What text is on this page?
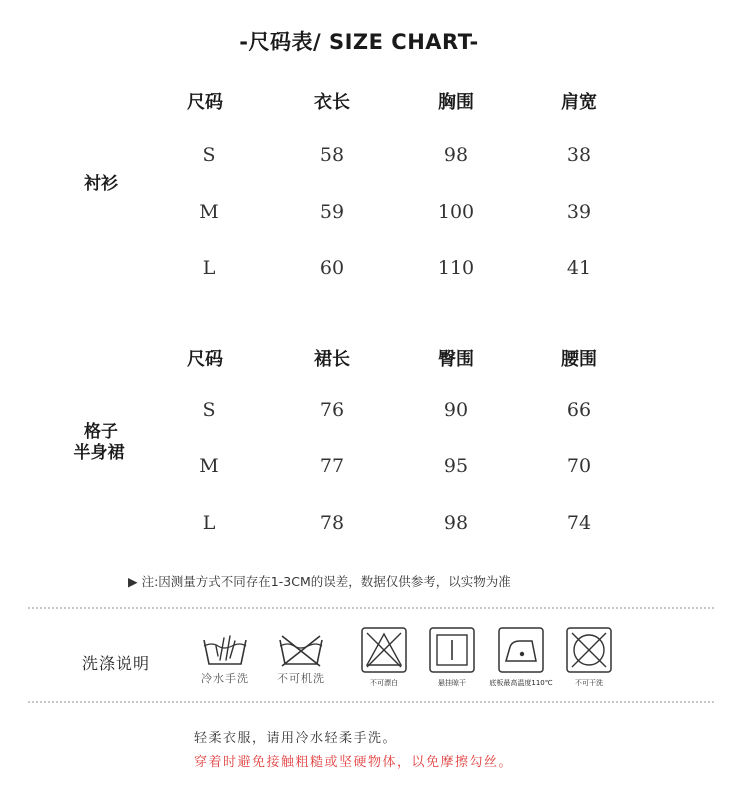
-尺码表/ SIZE CHART-
衬衫
尺码	衣长	胸围	肩宽
S	58	98	38
M	59	100	39
L	60	110	41
格子
半身裙
尺码	裙长	臀围	腰围
S	76	90	66
M	77	95	70
L	78	98	74
▶ 注:因测量方式不同存在1-3CM的误差，数据仅供参考，以实物为准
洗涤说明
冷水手洗	不可机洗	不可漂白	悬挂晾干	底板最高温度110℃	不可干洗
轻柔衣服，请用冷水轻柔手洗。
穿着时避免接触粗糙或坚硬物体，以免摩擦勾丝。
